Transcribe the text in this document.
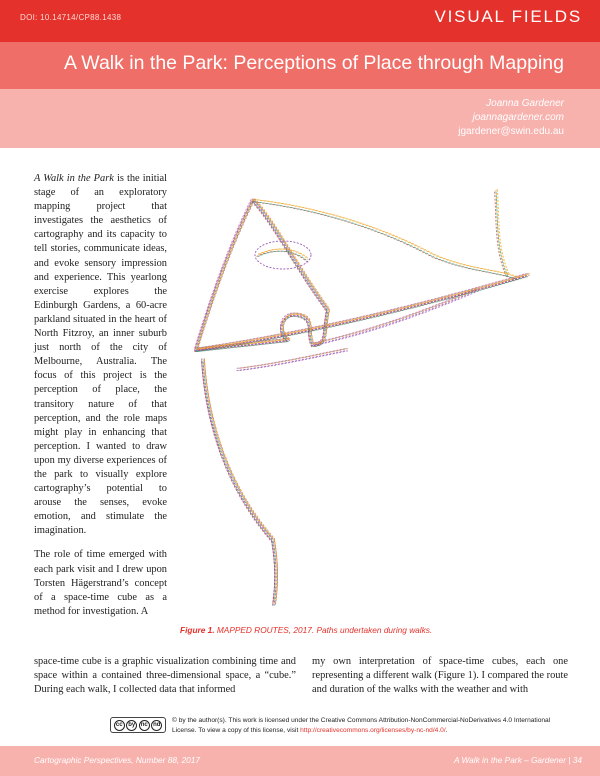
DOI: 10.14714/CP88.1438	VISUAL FIELDS
A Walk in the Park: Perceptions of Place through Mapping
Joanna Gardener
joannagardener.com
jgardener@swin.edu.au

A Walk in the Park is the initial stage of an exploratory mapping project that investigates the aesthetics of cartography and its capacity to tell stories, communicate ideas, and evoke sensory impression and experience. This yearlong exercise explores the Edinburgh Gardens, a 60-acre parkland situated in the heart of North Fitzroy, an inner suburb just north of the city of Melbourne, Australia. The focus of this project is the perception of place, the transitory nature of that perception, and the role maps might play in enhancing that perception. I wanted to draw upon my diverse experiences of the park to visually explore cartography’s potential to arouse the senses, evoke emotion, and stimulate the imagination.

The role of time emerged with each park visit and I drew upon Torsten Hägerstrand’s concept of a space-time cube as a method for investigation. A

Figure 1. MAPPED ROUTES, 2017. Paths undertaken during walks.
space-time cube is a graphic visualization combining time and space within a contained three-dimensional space, a “cube.” During each walk, I collected data that informed
my own interpretation of space-time cubes, each one representing a different walk (Figure 1). I compared the route and duration of the walks with the weather and with
cc by nc nd
© by the author(s). This work is licensed under the Creative Commons Attribution-NonCommercial-NoDerivatives 4.0 International License. To view a copy of this license, visit http://creativecommons.org/licenses/by-nc-nd/4.0/.
Cartographic Perspectives, Number 88, 2017	A Walk in the Park – Gardener | 34
